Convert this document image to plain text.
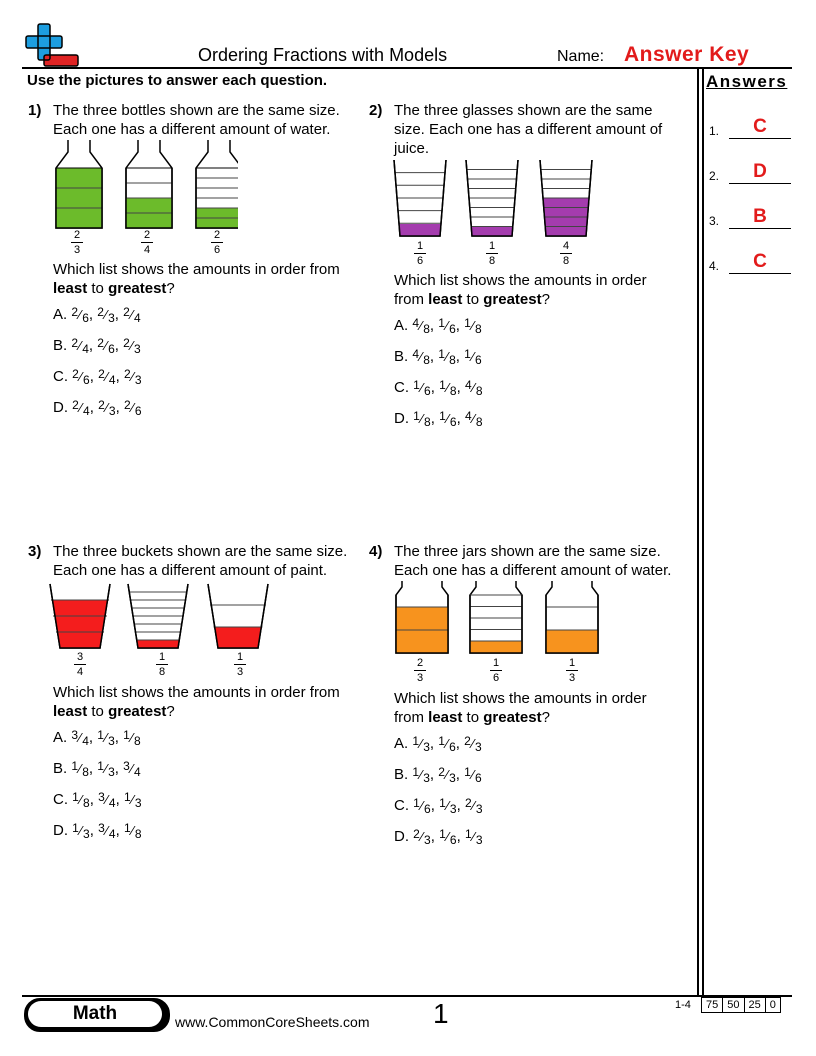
Ordering Fractions with Models	Name: Answer Key
Use the pictures to answer each question.	Answers
1.	C
2.	D
3.	B
4.	C
1) The three bottles shown are the same size.
Each one has a different amount of water.
$\frac{2}{3}$	$\frac{2}{4}$	$\frac{2}{6}$
Which list shows the amounts in order from
least to greatest?
A. $^2⁄_6$, $^2⁄_3$, $^2⁄_4$
B. $^2⁄_4$, $^2⁄_6$, $^2⁄_3$
C. $^2⁄_6$, $^2⁄_4$, $^2⁄_3$
D. $^2⁄_4$, $^2⁄_3$, $^2⁄_6$
2) The three glasses shown are the same
size. Each one has a different amount of
juice.
$\frac{1}{6}$	$\frac{1}{8}$	$\frac{4}{8}$
Which list shows the amounts in order
from least to greatest?
A. $^4⁄_8$, $^1⁄_6$, $^1⁄_8$
B. $^4⁄_8$, $^1⁄_8$, $^1⁄_6$
C. $^1⁄_6$, $^1⁄_8$, $^4⁄_8$
D. $^1⁄_8$, $^1⁄_6$, $^4⁄_8$
3) The three buckets shown are the same size.
Each one has a different amount of paint.
$\frac{3}{4}$	$\frac{1}{8}$	$\frac{1}{3}$
Which list shows the amounts in order from
least to greatest?
A. $^3⁄_4$, $^1⁄_3$, $^1⁄_8$
B. $^1⁄_8$, $^1⁄_3$, $^3⁄_4$
C. $^1⁄_8$, $^3⁄_4$, $^1⁄_3$
D. $^1⁄_3$, $^3⁄_4$, $^1⁄_8$
4) The three jars shown are the same size.
Each one has a different amount of water.
$\frac{2}{3}$	$\frac{1}{6}$	$\frac{1}{3}$
Which list shows the amounts in order
from least to greatest?
A. $^1⁄_3$, $^1⁄_6$, $^2⁄_3$
B. $^1⁄_3$, $^2⁄_3$, $^1⁄_6$
C. $^1⁄_6$, $^1⁄_3$, $^2⁄_3$
D. $^2⁄_3$, $^1⁄_6$, $^1⁄_3$
Math	www.CommonCoreSheets.com 1	1-4	75 50 25 0
